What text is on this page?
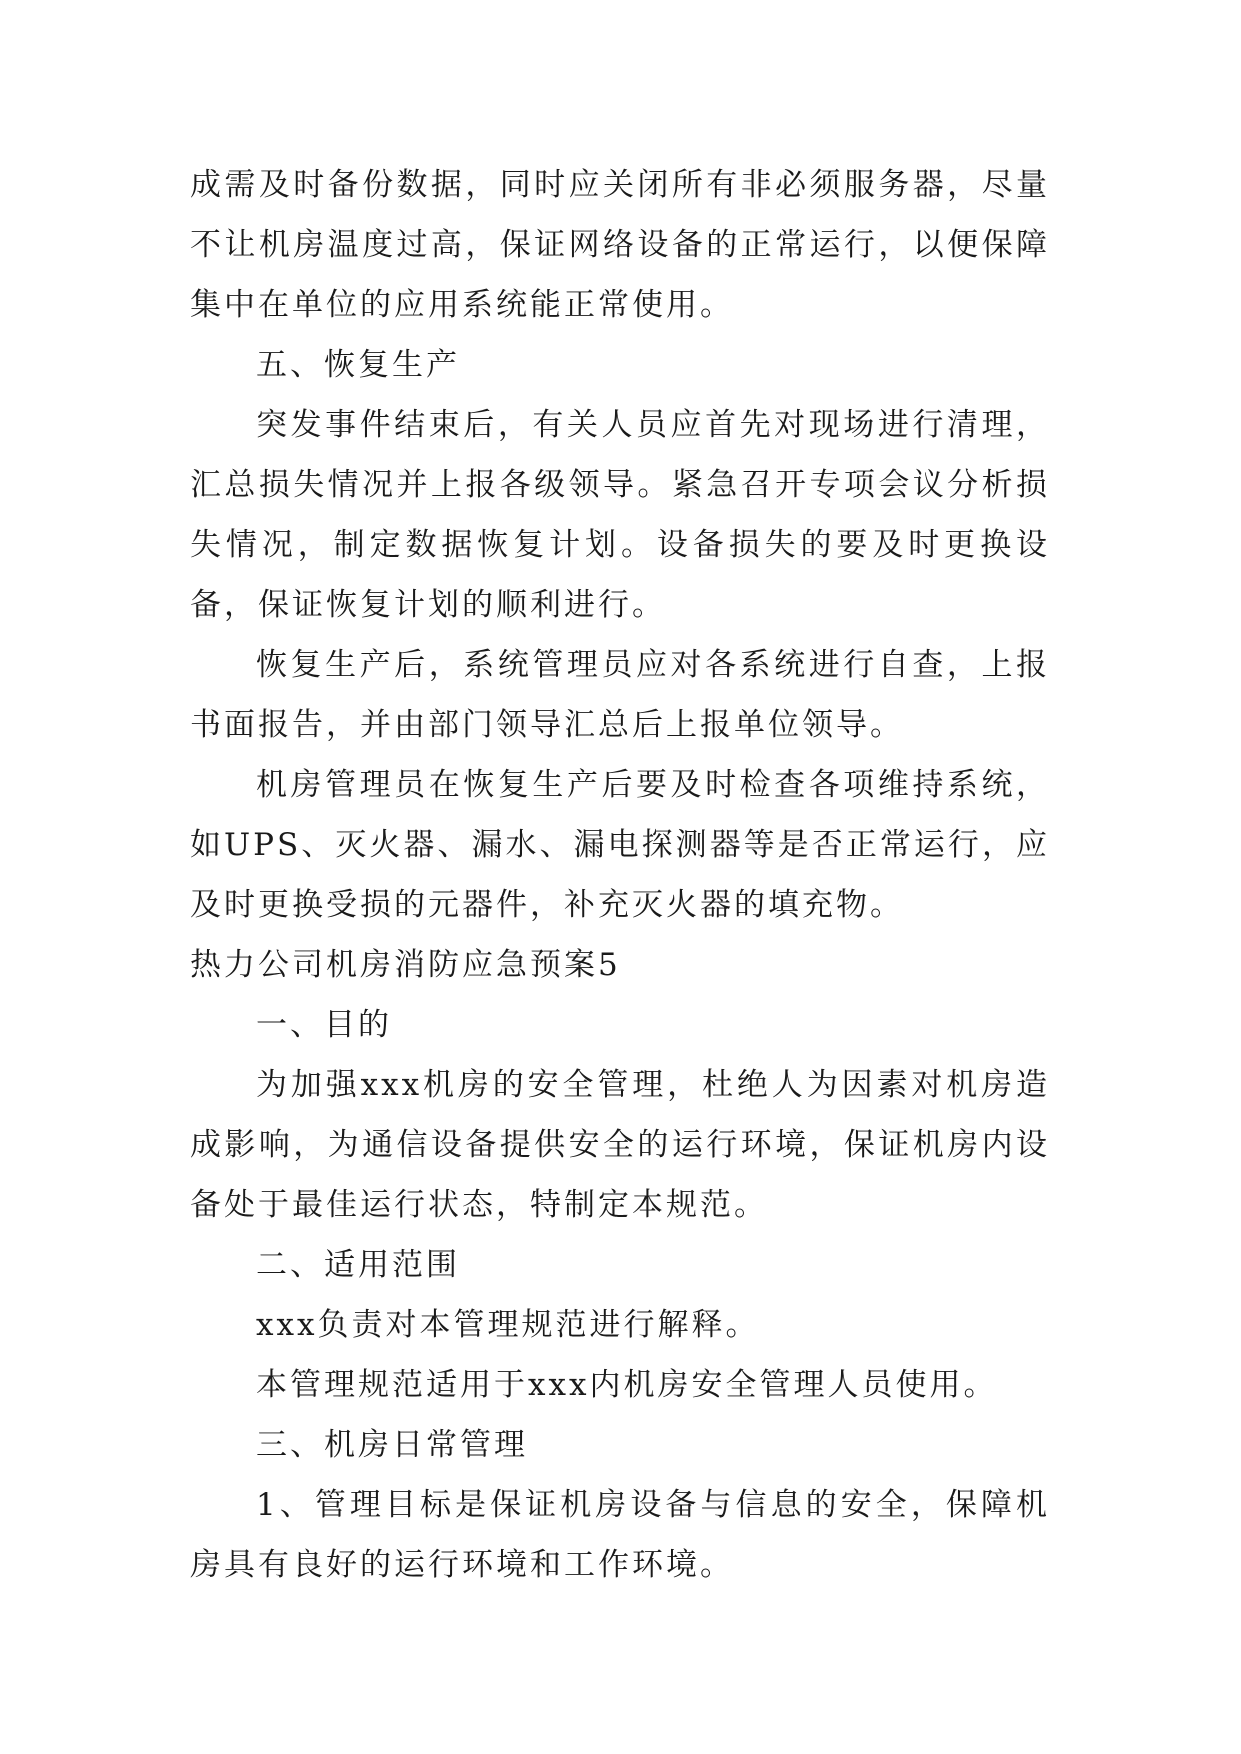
成需及时备份数据，同时应关闭所有非必须服务器，尽量不让机房温度过高，保证网络设备的正常运行，以便保障集中在单位的应用系统能正常使用。

五、恢复生产

突发事件结束后，有关人员应首先对现场进行清理，汇总损失情况并上报各级领导。紧急召开专项会议分析损失情况，制定数据恢复计划。设备损失的要及时更换设备，保证恢复计划的顺利进行。

恢复生产后，系统管理员应对各系统进行自查，上报书面报告，并由部门领导汇总后上报单位领导。

机房管理员在恢复生产后要及时检查各项维持系统，如UPS、灭火器、漏水、漏电探测器等是否正常运行，应及时更换受损的元器件，补充灭火器的填充物。

热力公司机房消防应急预案5

一、目的

为加强xxx机房的安全管理，杜绝人为因素对机房造成影响，为通信设备提供安全的运行环境，保证机房内设备处于最佳运行状态，特制定本规范。

二、适用范围

xxx负责对本管理规范进行解释。

本管理规范适用于xxx内机房安全管理人员使用。

三、机房日常管理

1、管理目标是保证机房设备与信息的安全，保障机房具有良好的运行环境和工作环境。
